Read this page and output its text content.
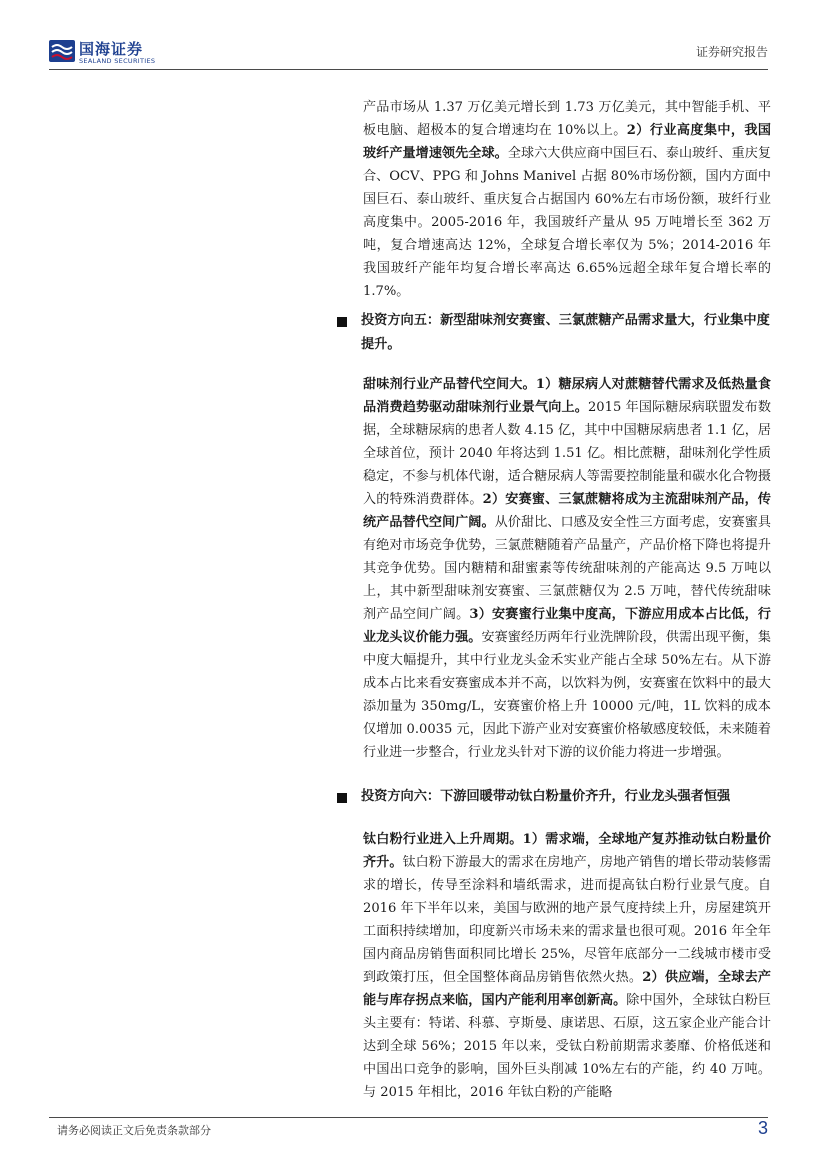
国海证券
SEALAND SECURITIES
证券研究报告

产品市场从 1.37 万亿美元增长到 1.73 万亿美元，其中智能手机、平板电脑、超极本的复合增速均在 10%以上。2）行业高度集中，我国玻纤产量增速领先全球。全球六大供应商中国巨石、泰山玻纤、重庆复合、OCV、PPG 和 Johns Manivel 占据 80%市场份额，国内方面中国巨石、泰山玻纤、重庆复合占据国内 60%左右市场份额，玻纤行业高度集中。2005-2016 年，我国玻纤产量从 95 万吨增长至 362 万吨，复合增速高达 12%，全球复合增长率仅为 5%；2014-2016 年我国玻纤产能年均复合增长率高达 6.65%远超全球年复合增长率的 1.7%。

投资方向五：新型甜味剂安赛蜜、三氯蔗糖产品需求量大，行业集中度提升。

甜味剂行业产品替代空间大。1）糖尿病人对蔗糖替代需求及低热量食品消费趋势驱动甜味剂行业景气向上。2015 年国际糖尿病联盟发布数据，全球糖尿病的患者人数 4.15 亿，其中中国糖尿病患者 1.1 亿，居全球首位，预计 2040 年将达到 1.51 亿。相比蔗糖，甜味剂化学性质稳定，不参与机体代谢，适合糖尿病人等需要控制能量和碳水化合物摄入的特殊消费群体。2）安赛蜜、三氯蔗糖将成为主流甜味剂产品，传统产品替代空间广阔。从价甜比、口感及安全性三方面考虑，安赛蜜具有绝对市场竞争优势，三氯蔗糖随着产品量产，产品价格下降也将提升其竞争优势。国内糖精和甜蜜素等传统甜味剂的产能高达 9.5 万吨以上，其中新型甜味剂安赛蜜、三氯蔗糖仅为 2.5 万吨，替代传统甜味剂产品空间广阔。3）安赛蜜行业集中度高，下游应用成本占比低，行业龙头议价能力强。安赛蜜经历两年行业洗牌阶段，供需出现平衡，集中度大幅提升，其中行业龙头金禾实业产能占全球 50%左右。从下游成本占比来看安赛蜜成本并不高，以饮料为例，安赛蜜在饮料中的最大添加量为 350mg/L，安赛蜜价格上升 10000 元/吨，1L 饮料的成本仅增加 0.0035 元，因此下游产业对安赛蜜价格敏感度较低，未来随着行业进一步整合，行业龙头针对下游的议价能力将进一步增强。

投资方向六：下游回暖带动钛白粉量价齐升，行业龙头强者恒强

钛白粉行业进入上升周期。1）需求端，全球地产复苏推动钛白粉量价齐升。钛白粉下游最大的需求在房地产，房地产销售的增长带动装修需求的增长，传导至涂料和墙纸需求，进而提高钛白粉行业景气度。自 2016 年下半年以来，美国与欧洲的地产景气度持续上升，房屋建筑开工面积持续增加，印度新兴市场未来的需求量也很可观。2016 年全年国内商品房销售面积同比增长 25%，尽管年底部分一二线城市楼市受到政策打压，但全国整体商品房销售依然火热。2）供应端，全球去产能与库存拐点来临，国内产能利用率创新高。除中国外，全球钛白粉巨头主要有：特诺、科慕、亨斯曼、康诺思、石原，这五家企业产能合计达到全球 56%；2015 年以来，受钛白粉前期需求萎靡、价格低迷和中国出口竞争的影响，国外巨头削减 10%左右的产能，约 40 万吨。与 2015 年相比，2016 年钛白粉的产能略

请务必阅读正文后免责条款部分	3
